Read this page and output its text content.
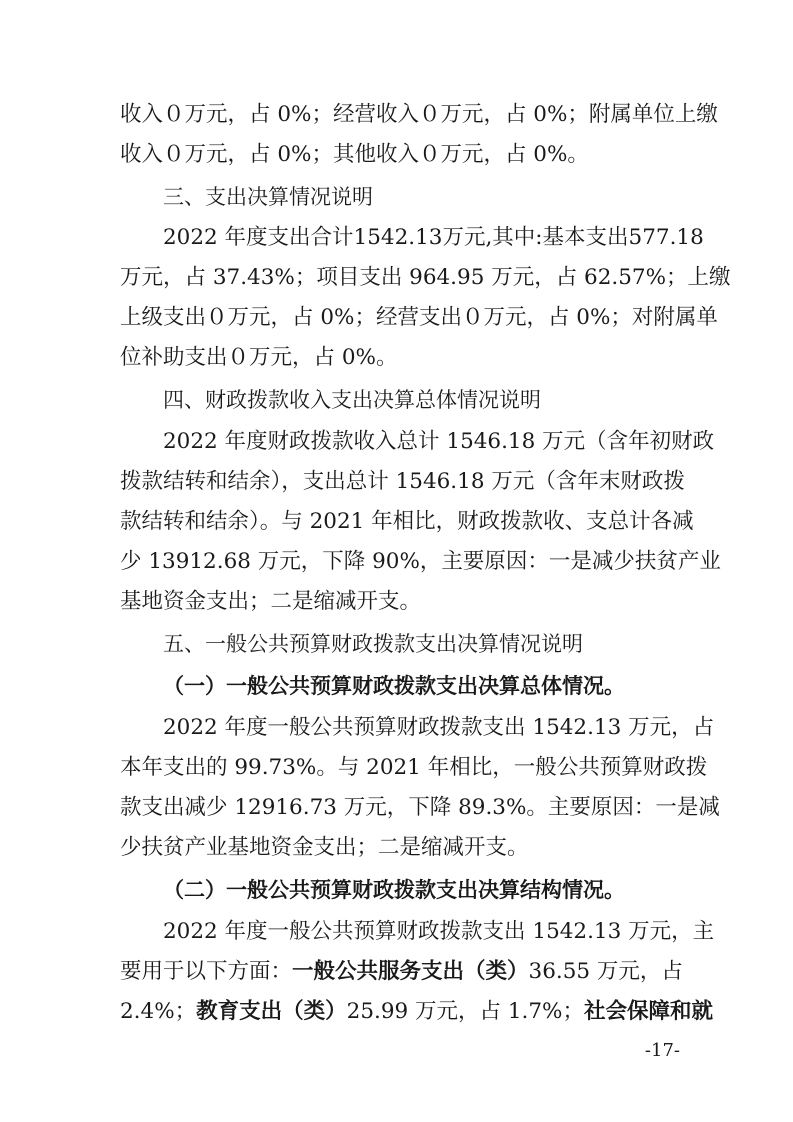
收入０万元，占 0%；经营收入０万元，占 0%；附属单位上缴
收入０万元，占 0%；其他收入０万元，占 0%。
三、支出决算情况说明
2022 年度支出合计1542.13万元,其中:基本支出577.18
万元，占 37.43%；项目支出 964.95 万元，占 62.57%；上缴
上级支出０万元，占 0%；经营支出０万元，占 0%；对附属单
位补助支出０万元，占 0%。
四、财政拨款收入支出决算总体情况说明
2022 年度财政拨款收入总计 1546.18 万元（含年初财政
拨款结转和结余），支出总计 1546.18 万元（含年末财政拨
款结转和结余）。与 2021 年相比，财政拨款收、支总计各减
少 13912.68 万元，下降 90%，主要原因：一是减少扶贫产业
基地资金支出；二是缩减开支。
五、一般公共预算财政拨款支出决算情况说明
（一）一般公共预算财政拨款支出决算总体情况。
2022 年度一般公共预算财政拨款支出 1542.13 万元，占
本年支出的 99.73%。与 2021 年相比，一般公共预算财政拨
款支出减少 12916.73 万元，下降 89.3%。主要原因：一是减
少扶贫产业基地资金支出；二是缩减开支。
（二）一般公共预算财政拨款支出决算结构情况。
2022 年度一般公共预算财政拨款支出 1542.13 万元，主
要用于以下方面：一般公共服务支出（类）36.55 万元，占
2.4%；教育支出（类）25.99 万元，占 1.7%；社会保障和就
-17-
